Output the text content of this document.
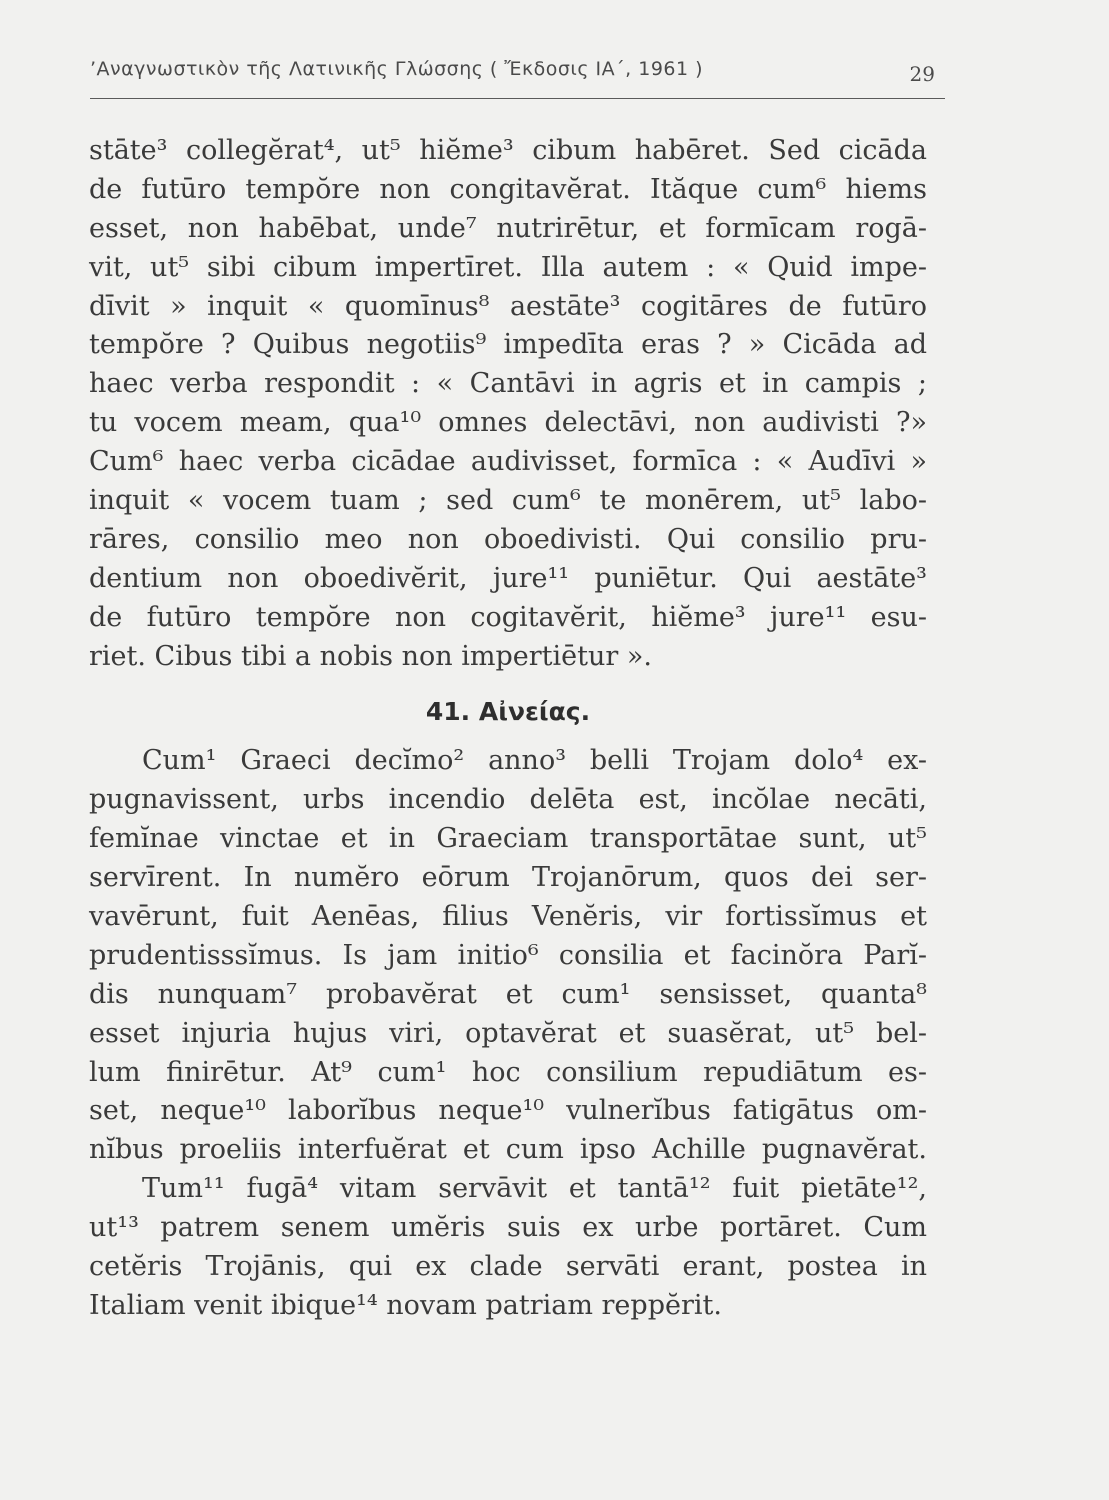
’Αναγνωστικὸν τῆς Λατινικῆς Γλώσσης ( Ἔκδοσις ΙΑ΄, 1961 )	29
stāte³ collegĕrat⁴, ut⁵ hiĕme³ cibum habēret. Sed cicāda
de futūro tempŏre non congitavĕrat. Ităque cum⁶ hiems
esset, non habēbat, unde⁷ nutrirētur, et formīcam rogā-
vit, ut⁵ sibi cibum impertīret. Illa autem : « Quid impe-
dīvit » inquit « quomīnus⁸ aestāte³ cogitāres de futūro
tempŏre ? Quibus negotiis⁹ impedīta eras ? » Cicāda ad
haec verba respondit : « Cantāvi in agris et in campis ;
tu vocem meam, qua¹⁰ omnes delectāvi, non audivisti ?»
Cum⁶ haec verba cicādae audivisset, formīca : « Audīvi »
inquit « vocem tuam ; sed cum⁶ te monērem, ut⁵ labo-
rāres, consilio meo non oboedivisti. Qui consilio pru-
dentium non oboedivĕrit, jure¹¹ puniētur. Qui aestāte³
de futūro tempŏre non cogitavĕrit, hiĕme³ jure¹¹ esu-
riet. Cibus tibi a nobis non impertiētur ».
41. Αἰνείας.
Cum¹ Graeci decĭmo² anno³ belli Trojam dolo⁴ ex-
pugnavissent, urbs incendio delēta est, incŏlae necāti,
femĭnae vinctae et in Graeciam transportātae sunt, ut⁵
servīrent. In numĕro eōrum Trojanōrum, quos dei ser-
vavērunt, fuit Aenēas, filius Venĕris, vir fortissĭmus et
prudentisssĭmus. Is jam initio⁶ consilia et facinŏra Parĭ-
dis nunquam⁷ probavĕrat et cum¹ sensisset, quanta⁸
esset injuria hujus viri, optavĕrat et suasĕrat, ut⁵ bel-
lum finirētur. At⁹ cum¹ hoc consilium repudiātum es-
set, neque¹⁰ laborĭbus neque¹⁰ vulnerĭbus fatigātus om-
nĭbus proeliis interfuĕrat et cum ipso Achille pugnavĕrat.
Tum¹¹ fugā⁴ vitam servāvit et tantā¹² fuit pietāte¹²,
ut¹³ patrem senem umĕris suis ex urbe portāret. Cum
cetĕris Trojānis, qui ex clade servāti erant, postea in
Italiam venit ibique¹⁴ novam patriam reppĕrit.
